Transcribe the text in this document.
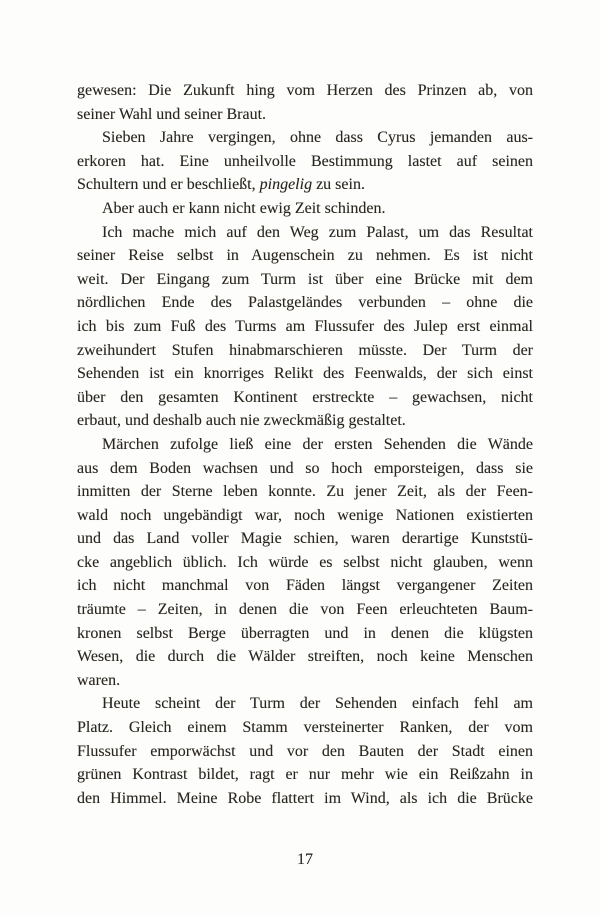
gewesen: Die Zukunft hing vom Herzen des Prinzen ab, von
seiner Wahl und seiner Braut.
Sieben Jahre vergingen, ohne dass Cyrus jemanden aus-
erkoren hat. Eine unheilvolle Bestimmung lastet auf seinen
Schultern und er beschließt, pingelig zu sein.
Aber auch er kann nicht ewig Zeit schinden.
Ich mache mich auf den Weg zum Palast, um das Resultat
seiner Reise selbst in Augenschein zu nehmen. Es ist nicht
weit. Der Eingang zum Turm ist über eine Brücke mit dem
nördlichen Ende des Palastgeländes verbunden – ohne die
ich bis zum Fuß des Turms am Flussufer des Julep erst einmal
zweihundert Stufen hinabmarschieren müsste. Der Turm der
Sehenden ist ein knorriges Relikt des Feenwalds, der sich einst
über den gesamten Kontinent erstreckte – gewachsen, nicht
erbaut, und deshalb auch nie zweckmäßig gestaltet.
Märchen zufolge ließ eine der ersten Sehenden die Wände
aus dem Boden wachsen und so hoch emporsteigen, dass sie
inmitten der Sterne leben konnte. Zu jener Zeit, als der Feen-
wald noch ungebändigt war, noch wenige Nationen existierten
und das Land voller Magie schien, waren derartige Kunststü-
cke angeblich üblich. Ich würde es selbst nicht glauben, wenn
ich nicht manchmal von Fäden längst vergangener Zeiten
träumte – Zeiten, in denen die von Feen erleuchteten Baum-
kronen selbst Berge überragten und in denen die klügsten
Wesen, die durch die Wälder streiften, noch keine Menschen
waren.
Heute scheint der Turm der Sehenden einfach fehl am
Platz. Gleich einem Stamm versteinerter Ranken, der vom
Flussufer emporwächst und vor den Bauten der Stadt einen
grünen Kontrast bildet, ragt er nur mehr wie ein Reißzahn in
den Himmel. Meine Robe flattert im Wind, als ich die Brücke
17
